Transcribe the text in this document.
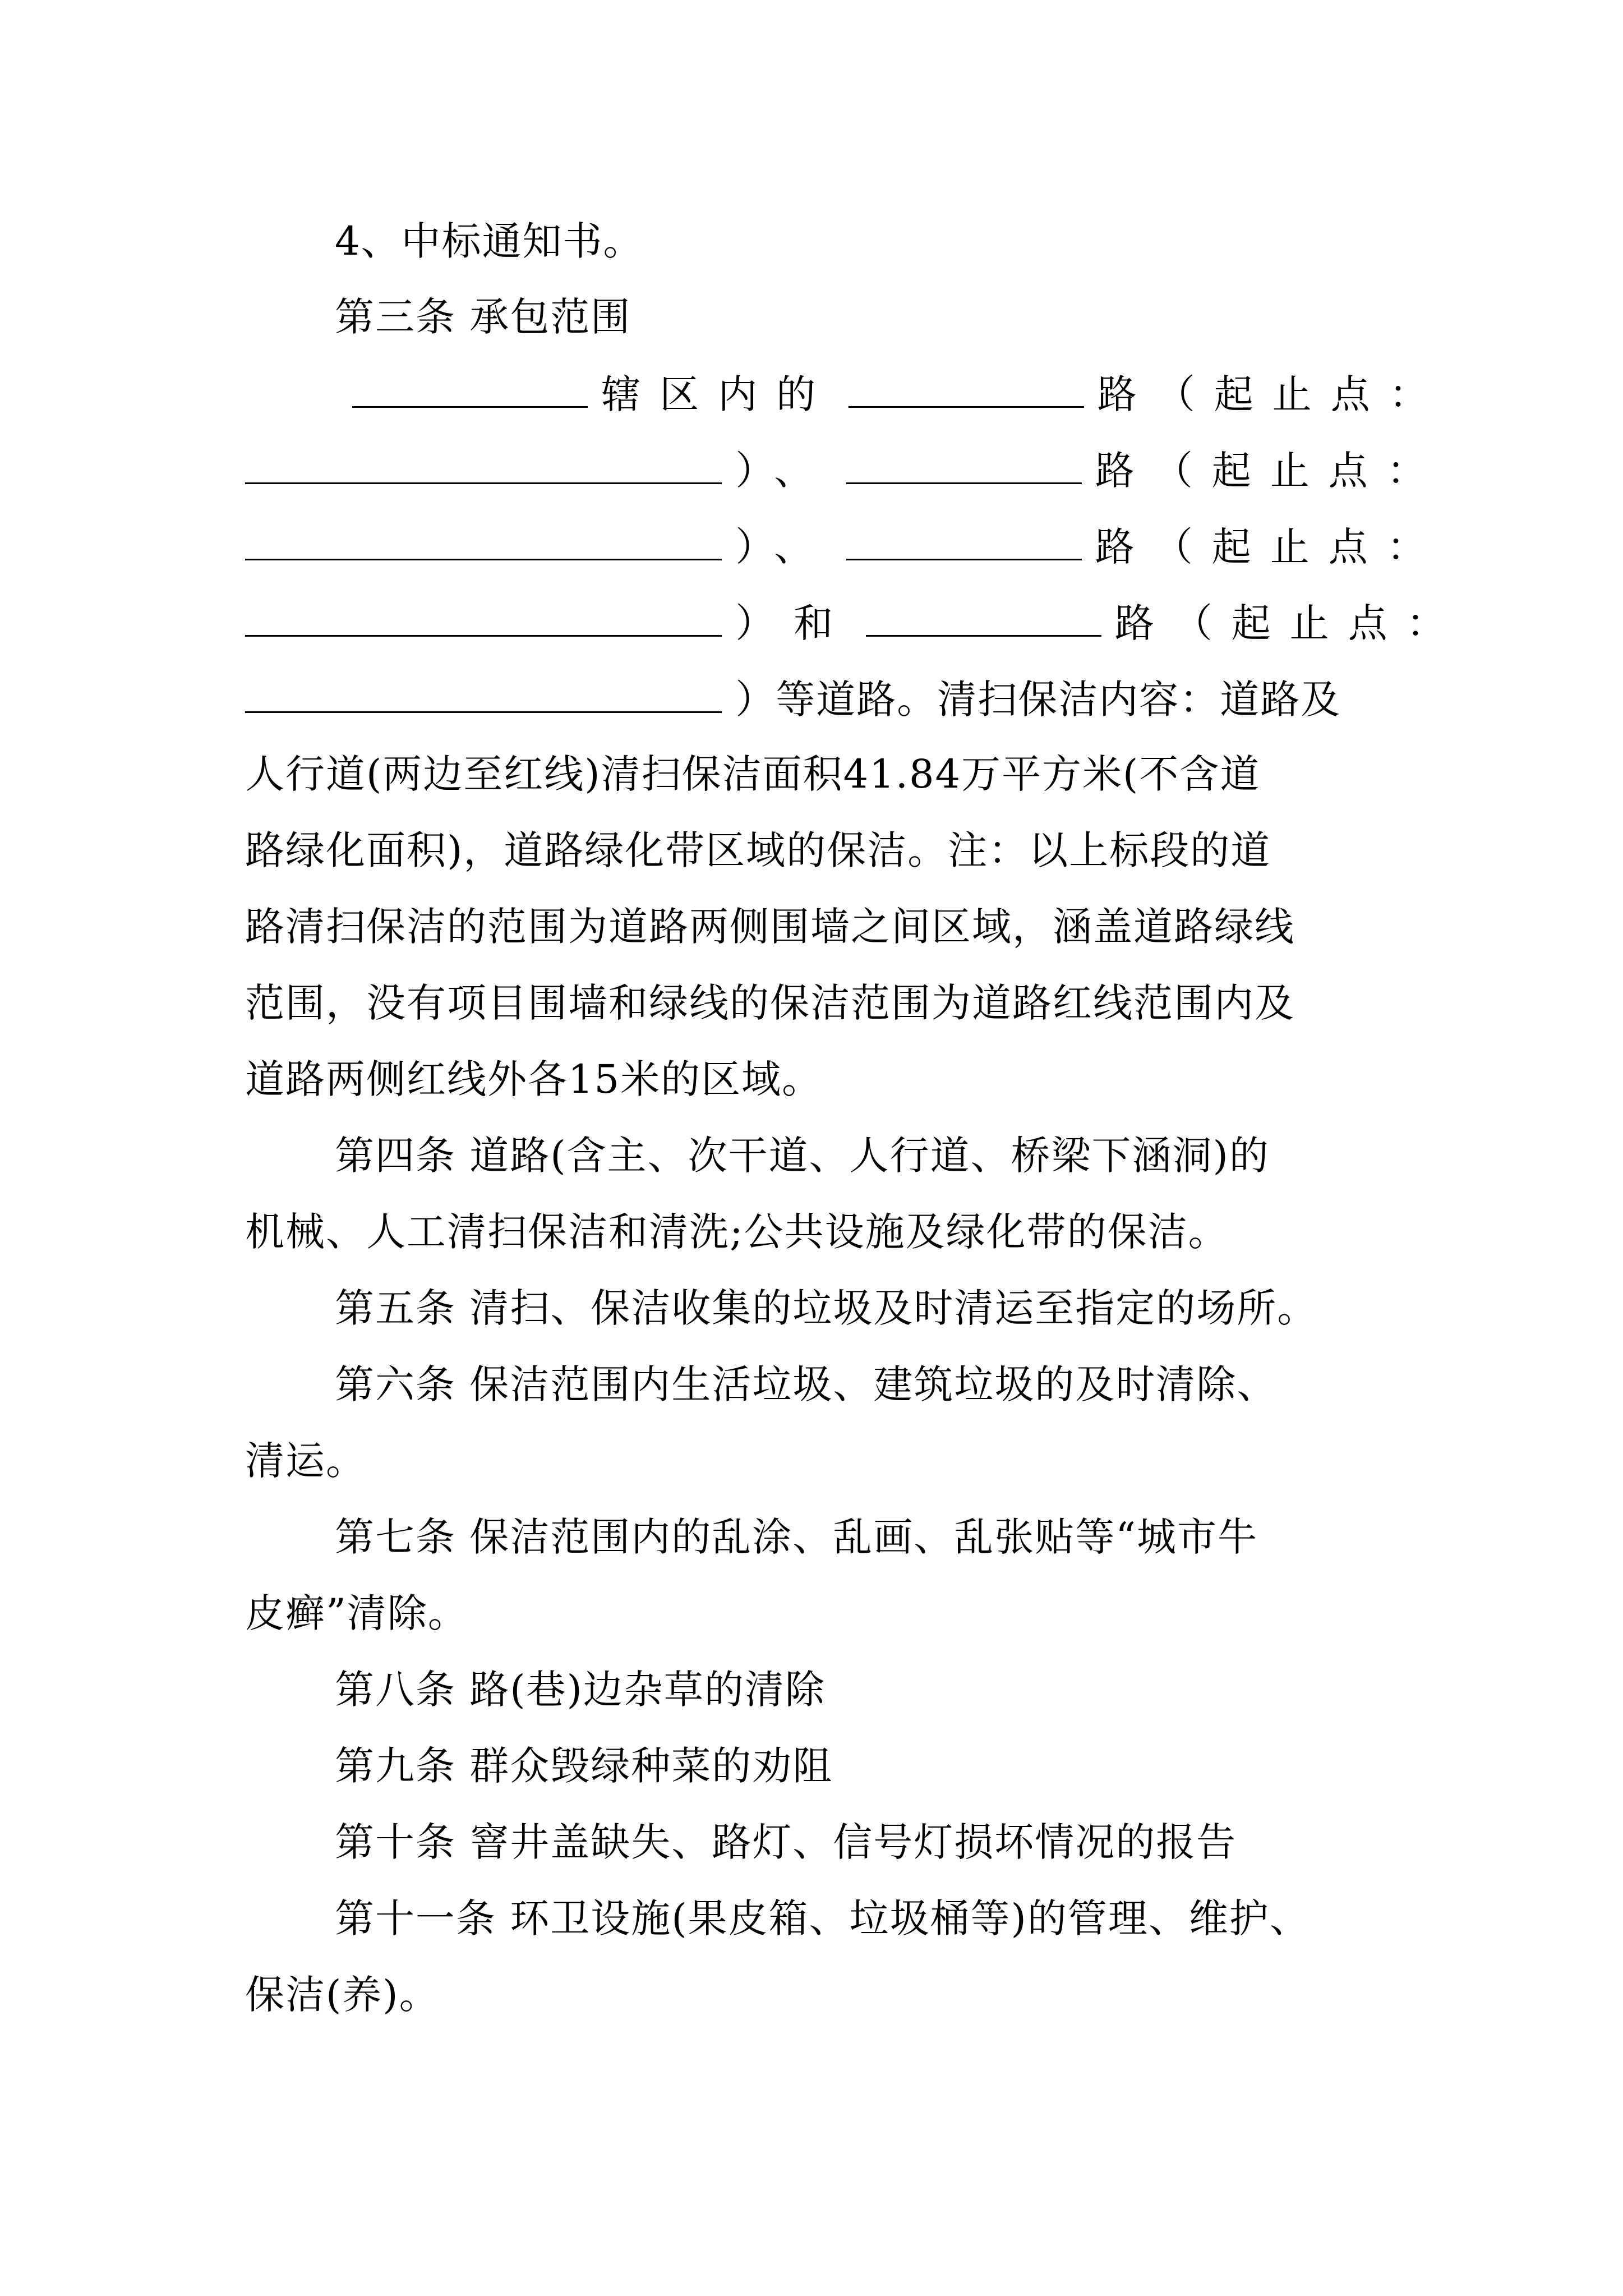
4、中标通知书。
第三条 承包范围
辖区内的	路（起止点：
）、	路（起止点：
）、	路（起止点：
）和	路（起止点：
）等道路。清扫保洁内容：道路及
人行道(两边至红线)清扫保洁面积41.84万平方米(不含道
路绿化面积)，道路绿化带区域的保洁。注：以上标段的道
路清扫保洁的范围为道路两侧围墙之间区域，涵盖道路绿线
范围，没有项目围墙和绿线的保洁范围为道路红线范围内及
道路两侧红线外各15米的区域。
第四条 道路(含主、次干道、人行道、桥梁下涵洞)的
机械、人工清扫保洁和清洗;公共设施及绿化带的保洁。
第五条 清扫、保洁收集的垃圾及时清运至指定的场所。
第六条 保洁范围内生活垃圾、建筑垃圾的及时清除、
清运。
第七条 保洁范围内的乱涂、乱画、乱张贴等“城市牛
皮癣”清除。
第八条 路(巷)边杂草的清除
第九条 群众毁绿种菜的劝阻
第十条 窨井盖缺失、路灯、信号灯损坏情况的报告
第十一条 环卫设施(果皮箱、垃圾桶等)的管理、维护、
保洁(养)。
